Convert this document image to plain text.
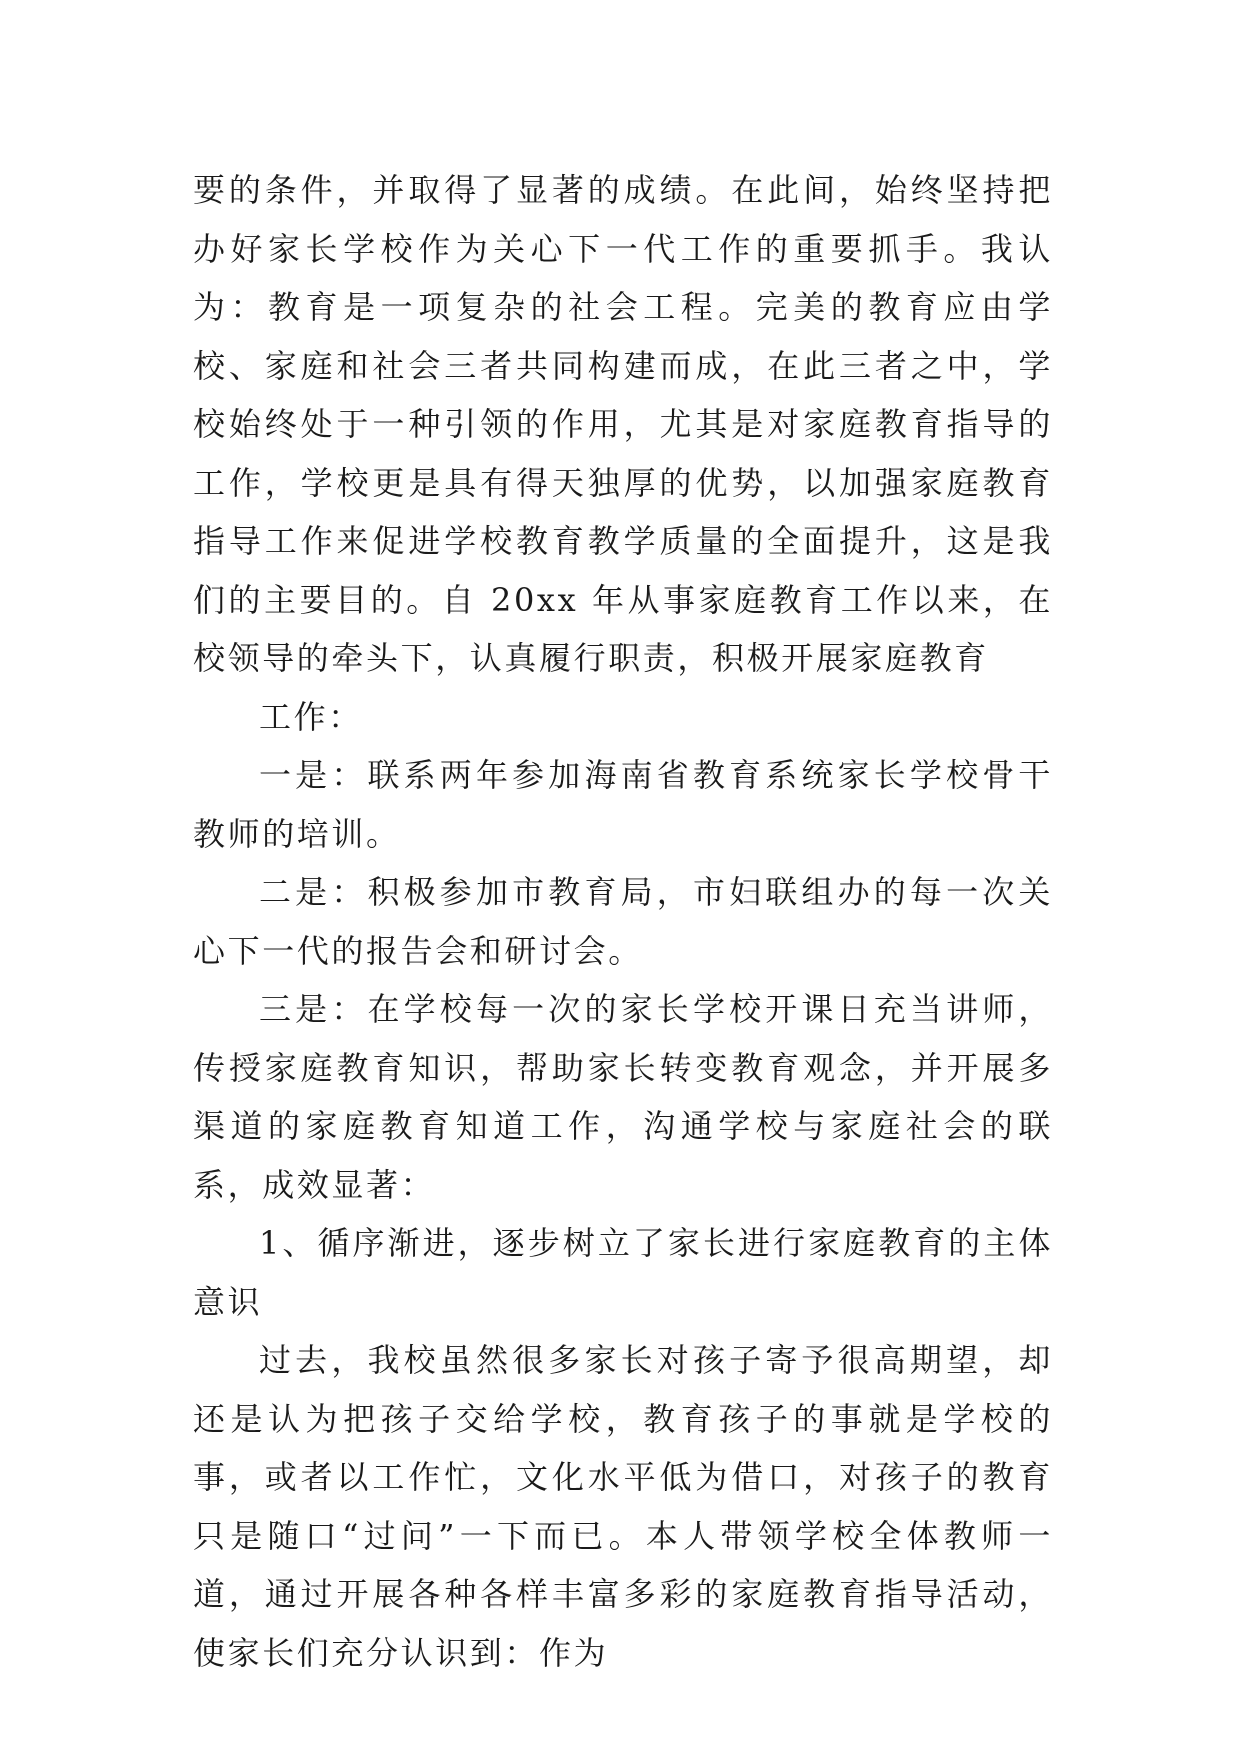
要的条件，并取得了显著的成绩。在此间，始终坚持把办好家长学校作为关心下一代工作的重要抓手。我认为：教育是一项复杂的社会工程。完美的教育应由学校、家庭和社会三者共同构建而成，在此三者之中，学校始终处于一种引领的作用，尤其是对家庭教育指导的工作，学校更是具有得天独厚的优势，以加强家庭教育指导工作来促进学校教育教学质量的全面提升，这是我们的主要目的。自 20xx 年从事家庭教育工作以来，在校领导的牵头下，认真履行职责，积极开展家庭教育

工作：

一是：联系两年参加海南省教育系统家长学校骨干教师的培训。

二是：积极参加市教育局，市妇联组办的每一次关心下一代的报告会和研讨会。

三是：在学校每一次的家长学校开课日充当讲师，传授家庭教育知识，帮助家长转变教育观念，并开展多渠道的家庭教育知道工作，沟通学校与家庭社会的联系，成效显著：

1、循序渐进，逐步树立了家长进行家庭教育的主体意识

过去，我校虽然很多家长对孩子寄予很高期望，却还是认为把孩子交给学校，教育孩子的事就是学校的事，或者以工作忙，文化水平低为借口，对孩子的教育只是随口“过问”一下而已。本人带领学校全体教师一道，通过开展各种各样丰富多彩的家庭教育指导活动，使家长们充分认识到：作为
